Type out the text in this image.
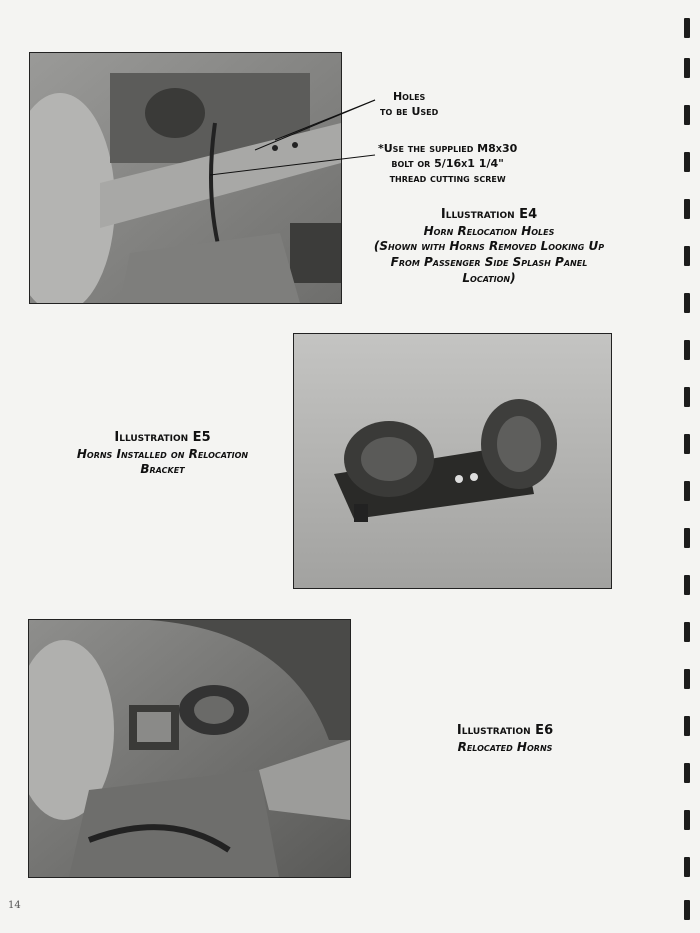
Holes
to be Used
*Use the supplied M8x30
bolt or 5/16x1 1/4"
thread cutting screw
Illustration E4
Horn Relocation Holes
(Shown with Horns Removed Looking Up
From Passenger Side Splash Panel
Location)
Illustration E5
Horns Installed on Relocation
Bracket
Illustration E6
Relocated Horns
14
